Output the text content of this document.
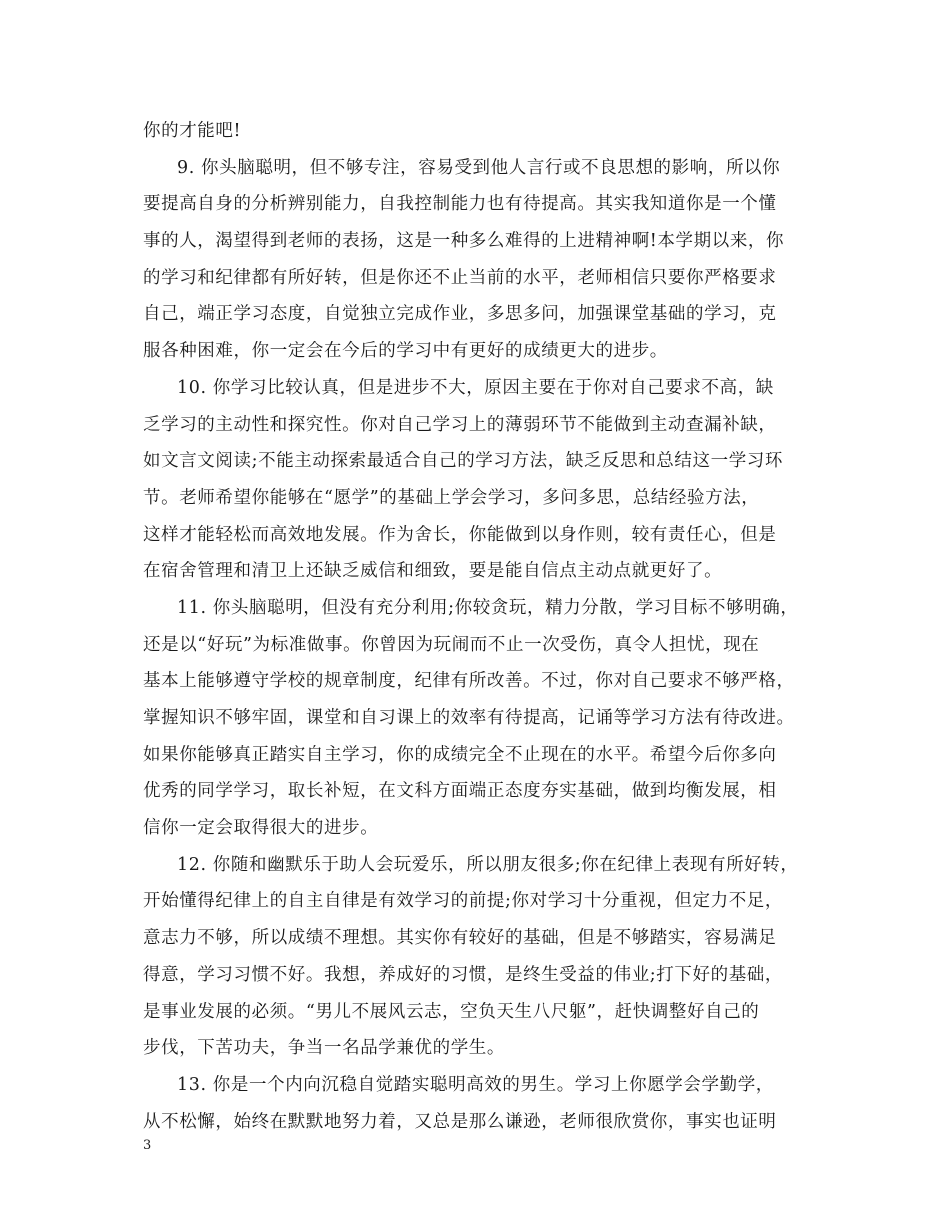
你的才能吧!
9. 你头脑聪明，但不够专注，容易受到他人言行或不良思想的影响，所以你
要提高自身的分析辨别能力，自我控制能力也有待提高。其实我知道你是一个懂
事的人，渴望得到老师的表扬，这是一种多么难得的上进精神啊!本学期以来，你
的学习和纪律都有所好转，但是你还不止当前的水平，老师相信只要你严格要求
自己，端正学习态度，自觉独立完成作业，多思多问，加强课堂基础的学习，克
服各种困难，你一定会在今后的学习中有更好的成绩更大的进步。
10. 你学习比较认真，但是进步不大，原因主要在于你对自己要求不高，缺
乏学习的主动性和探究性。你对自己学习上的薄弱环节不能做到主动查漏补缺，
如文言文阅读;不能主动探索最适合自己的学习方法，缺乏反思和总结这一学习环
节。老师希望你能够在“愿学”的基础上学会学习，多问多思，总结经验方法，
这样才能轻松而高效地发展。作为舍长，你能做到以身作则，较有责任心，但是
在宿舍管理和清卫上还缺乏威信和细致，要是能自信点主动点就更好了。
11. 你头脑聪明，但没有充分利用;你较贪玩，精力分散，学习目标不够明确，
还是以“好玩”为标准做事。你曾因为玩闹而不止一次受伤，真令人担忧，现在
基本上能够遵守学校的规章制度，纪律有所改善。不过，你对自己要求不够严格，
掌握知识不够牢固，课堂和自习课上的效率有待提高，记诵等学习方法有待改进。
如果你能够真正踏实自主学习，你的成绩完全不止现在的水平。希望今后你多向
优秀的同学学习，取长补短，在文科方面端正态度夯实基础，做到均衡发展，相
信你一定会取得很大的进步。
12. 你随和幽默乐于助人会玩爱乐，所以朋友很多;你在纪律上表现有所好转，
开始懂得纪律上的自主自律是有效学习的前提;你对学习十分重视，但定力不足，
意志力不够，所以成绩不理想。其实你有较好的基础，但是不够踏实，容易满足
得意，学习习惯不好。我想，养成好的习惯，是终生受益的伟业;打下好的基础，
是事业发展的必须。“男儿不展风云志，空负天生八尺躯”，赶快调整好自己的
步伐，下苦功夫，争当一名品学兼优的学生。
13. 你是一个内向沉稳自觉踏实聪明高效的男生。学习上你愿学会学勤学，
从不松懈，始终在默默地努力着，又总是那么谦逊，老师很欣赏你，事实也证明
3
